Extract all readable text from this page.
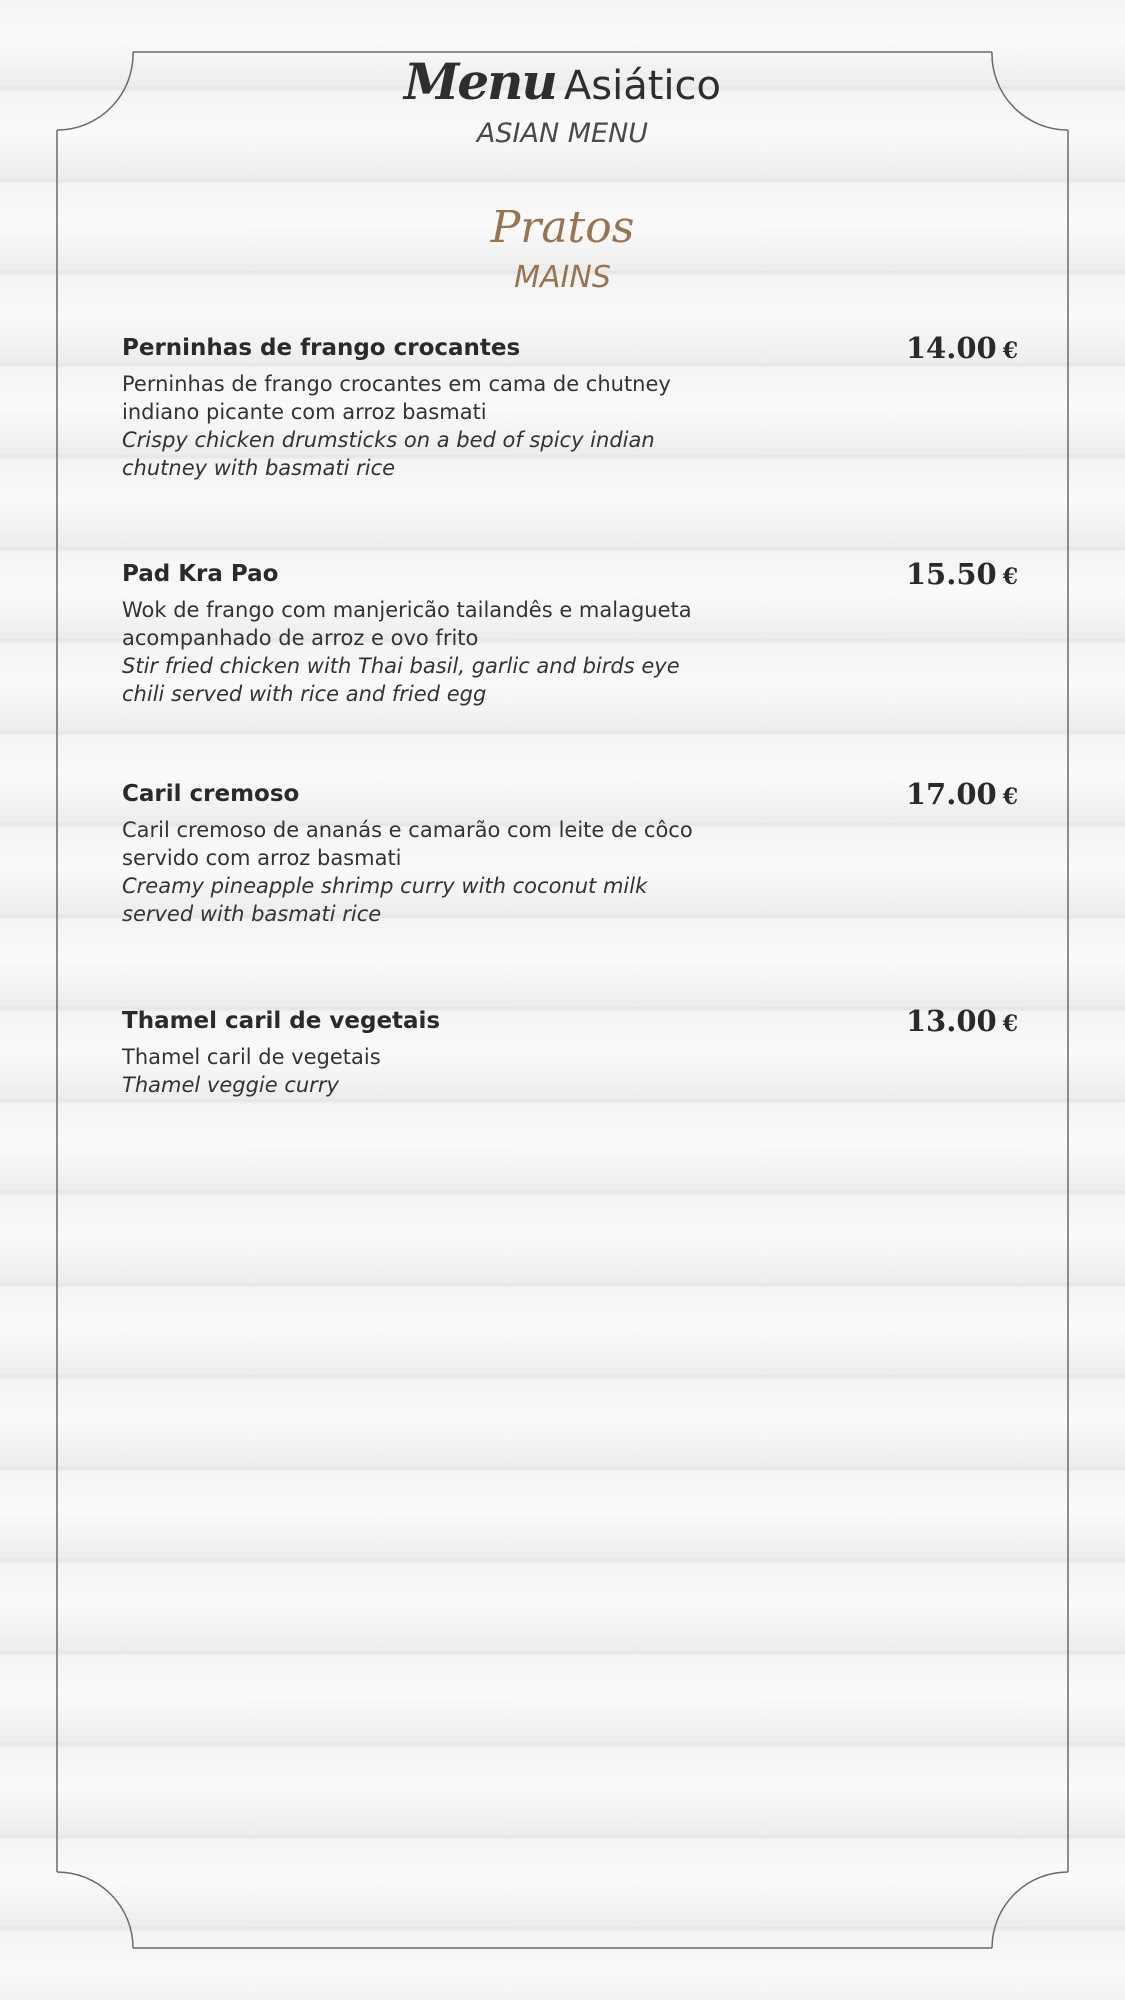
Menu Asiático
ASIAN MENU
Pratos
MAINS
Perninhas de frango crocantes	14.00 €
Perninhas de frango crocantes em cama de chutney indiano picante com arroz basmati
Crispy chicken drumsticks on a bed of spicy indian chutney with basmati rice
Pad Kra Pao	15.50 €
Wok de frango com manjericão tailandês e malagueta acompanhado de arroz e ovo frito
Stir fried chicken with Thai basil, garlic and birds eye chili served with rice and fried egg
Caril cremoso	17.00 €
Caril cremoso de ananás e camarão com leite de côco servido com arroz basmati
Creamy pineapple shrimp curry with coconut milk served with basmati rice
Thamel caril de vegetais	13.00 €
Thamel caril de vegetais
Thamel veggie curry
